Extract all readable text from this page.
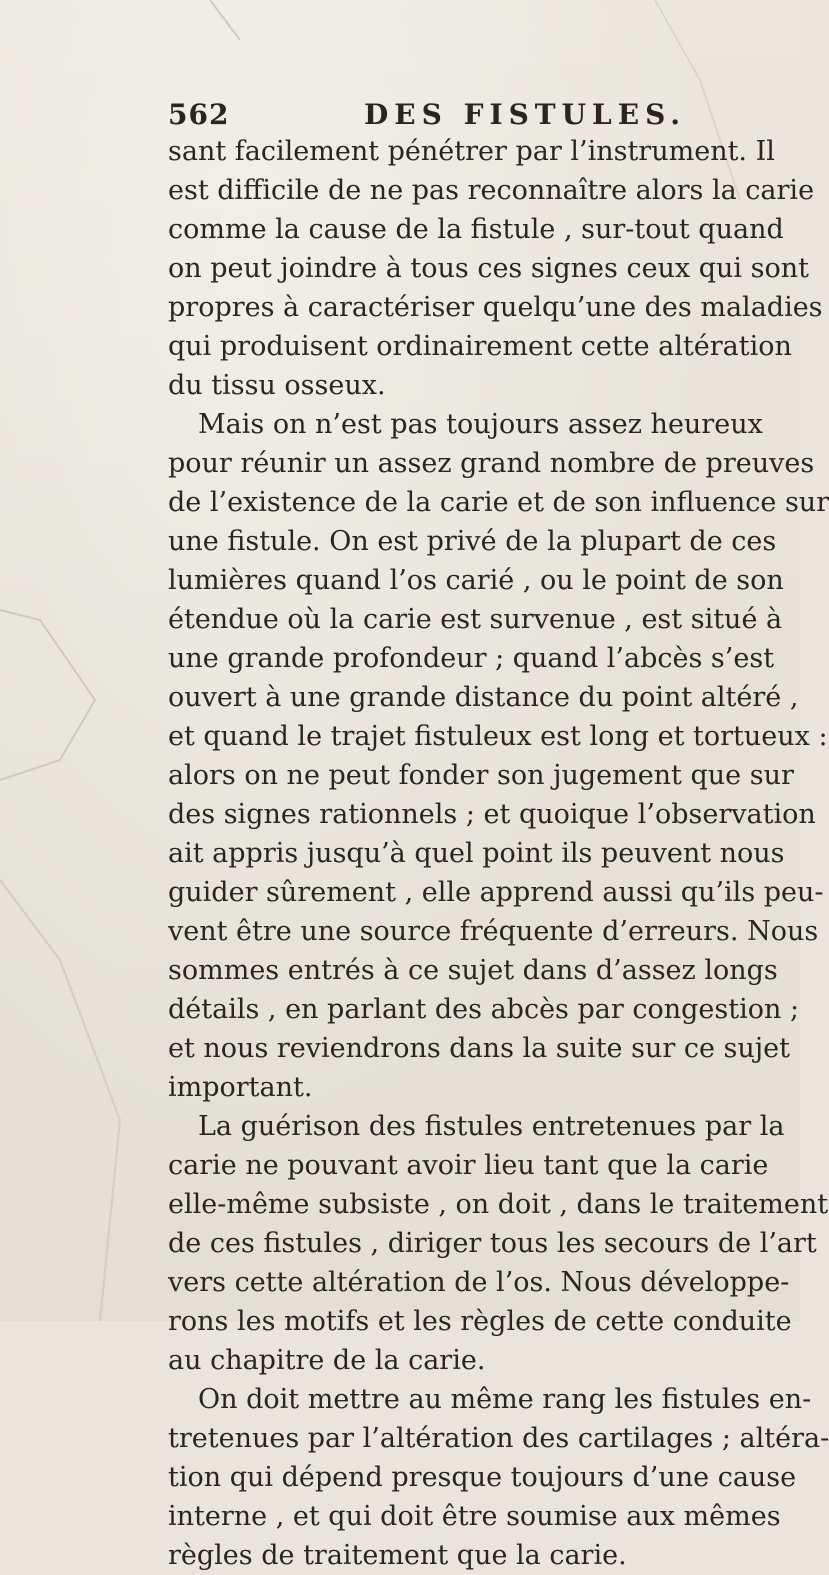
562	DES FISTULES.
sant facilement pénétrer par l’instrument. Il
est difficile de ne pas reconnaître alors la carie
comme la cause de la fistule , sur-tout quand
on peut joindre à tous ces signes ceux qui sont
propres à caractériser quelqu’une des maladies
qui produisent ordinairement cette altération
du tissu osseux.
Mais on n’est pas toujours assez heureux
pour réunir un assez grand nombre de preuves
de l’existence de la carie et de son influence sur
une fistule. On est privé de la plupart de ces
lumières quand l’os carié , ou le point de son
étendue où la carie est survenue , est situé à
une grande profondeur ; quand l’abcès s’est
ouvert à une grande distance du point altéré ,
et quand le trajet fistuleux est long et tortueux :
alors on ne peut fonder son jugement que sur
des signes rationnels ; et quoique l’observation
ait appris jusqu’à quel point ils peuvent nous
guider sûrement , elle apprend aussi qu’ils peu-
vent être une source fréquente d’erreurs. Nous
sommes entrés à ce sujet dans d’assez longs
détails , en parlant des abcès par congestion ;
et nous reviendrons dans la suite sur ce sujet
important.
La guérison des fistules entretenues par la
carie ne pouvant avoir lieu tant que la carie
elle-même subsiste , on doit , dans le traitement
de ces fistules , diriger tous les secours de l’art
vers cette altération de l’os. Nous développe-
rons les motifs et les règles de cette conduite
au chapitre de la carie.
On doit mettre au même rang les fistules en-
tretenues par l’altération des cartilages ; altéra-
tion qui dépend presque toujours d’une cause
interne , et qui doit être soumise aux mêmes
règles de traitement que la carie.
